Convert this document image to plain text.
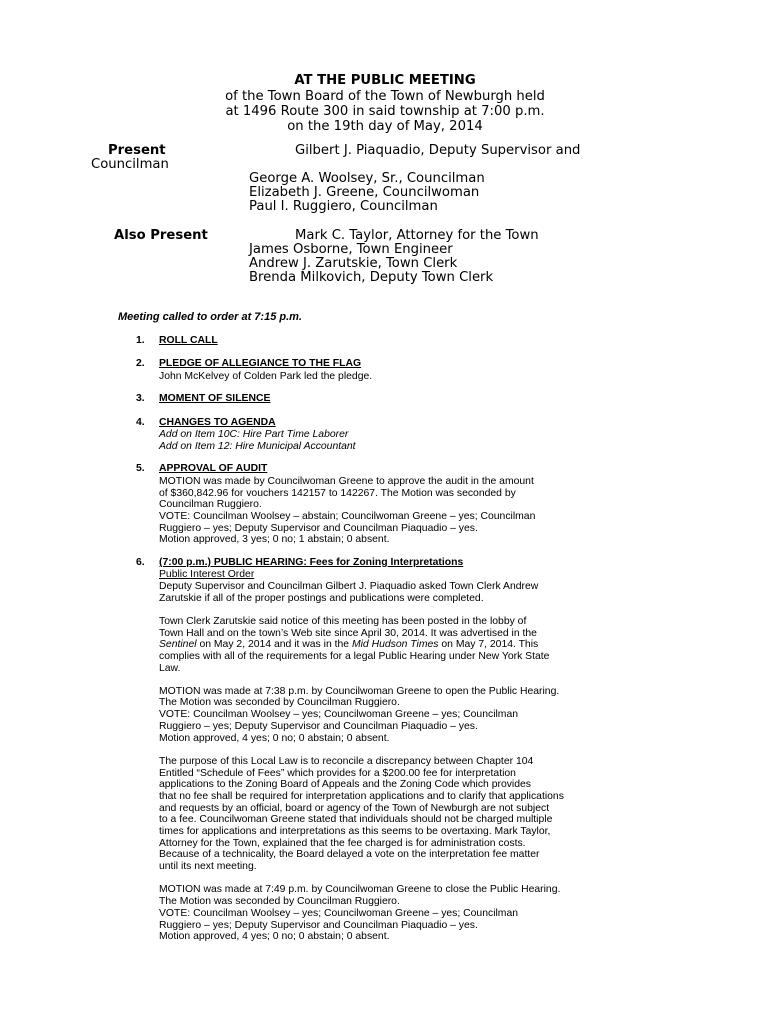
AT THE PUBLIC MEETING
of the Town Board of the Town of Newburgh held
at 1496 Route 300 in said township at 7:00 p.m.
on the 19th day of May, 2014
Present
Councilman
Gilbert J. Piaquadio, Deputy Supervisor and
George A. Woolsey, Sr., Councilman
Elizabeth J. Greene, Councilwoman
Paul I. Ruggiero, Councilman
Also Present	Mark C. Taylor, Attorney for the Town
James Osborne, Town Engineer
Andrew J. Zarutskie, Town Clerk
Brenda Milkovich, Deputy Town Clerk
Meeting called to order at 7:15 p.m.
1. ROLL CALL
2. PLEDGE OF ALLEGIANCE TO THE FLAG
John McKelvey of Colden Park led the pledge.
3. MOMENT OF SILENCE
4. CHANGES TO AGENDA
Add on Item 10C: Hire Part Time Laborer
Add on Item 12: Hire Municipal Accountant
5. APPROVAL OF AUDIT
MOTION was made by Councilwoman Greene to approve the audit in the amount
of $360,842.96 for vouchers 142157 to 142267. The Motion was seconded by
Councilman Ruggiero.
VOTE: Councilman Woolsey – abstain; Councilwoman Greene – yes; Councilman
Ruggiero – yes; Deputy Supervisor and Councilman Piaquadio – yes.
Motion approved, 3 yes; 0 no; 1 abstain; 0 absent.
6. (7:00 p.m.) PUBLIC HEARING: Fees for Zoning Interpretations
Public Interest Order
Deputy Supervisor and Councilman Gilbert J. Piaquadio asked Town Clerk Andrew
Zarutskie if all of the proper postings and publications were completed.
Town Clerk Zarutskie said notice of this meeting has been posted in the lobby of
Town Hall and on the town’s Web site since April 30, 2014. It was advertised in the
Sentinel on May 2, 2014 and it was in the Mid Hudson Times on May 7, 2014. This
complies with all of the requirements for a legal Public Hearing under New York State
Law.
MOTION was made at 7:38 p.m. by Councilwoman Greene to open the Public Hearing.
The Motion was seconded by Councilman Ruggiero.
VOTE: Councilman Woolsey – yes; Councilwoman Greene – yes; Councilman
Ruggiero – yes; Deputy Supervisor and Councilman Piaquadio – yes.
Motion approved, 4 yes; 0 no; 0 abstain; 0 absent.
The purpose of this Local Law is to reconcile a discrepancy between Chapter 104
Entitled “Schedule of Fees” which provides for a $200.00 fee for interpretation
applications to the Zoning Board of Appeals and the Zoning Code which provides
that no fee shall be required for interpretation applications and to clarify that applications
and requests by an official, board or agency of the Town of Newburgh are not subject
to a fee. Councilwoman Greene stated that individuals should not be charged multiple
times for applications and interpretations as this seems to be overtaxing. Mark Taylor,
Attorney for the Town, explained that the fee charged is for administration costs.
Because of a technicality, the Board delayed a vote on the interpretation fee matter
until its next meeting.
MOTION was made at 7:49 p.m. by Councilwoman Greene to close the Public Hearing.
The Motion was seconded by Councilman Ruggiero.
VOTE: Councilman Woolsey – yes; Councilwoman Greene – yes; Councilman
Ruggiero – yes; Deputy Supervisor and Councilman Piaquadio – yes.
Motion approved, 4 yes; 0 no; 0 abstain; 0 absent.
